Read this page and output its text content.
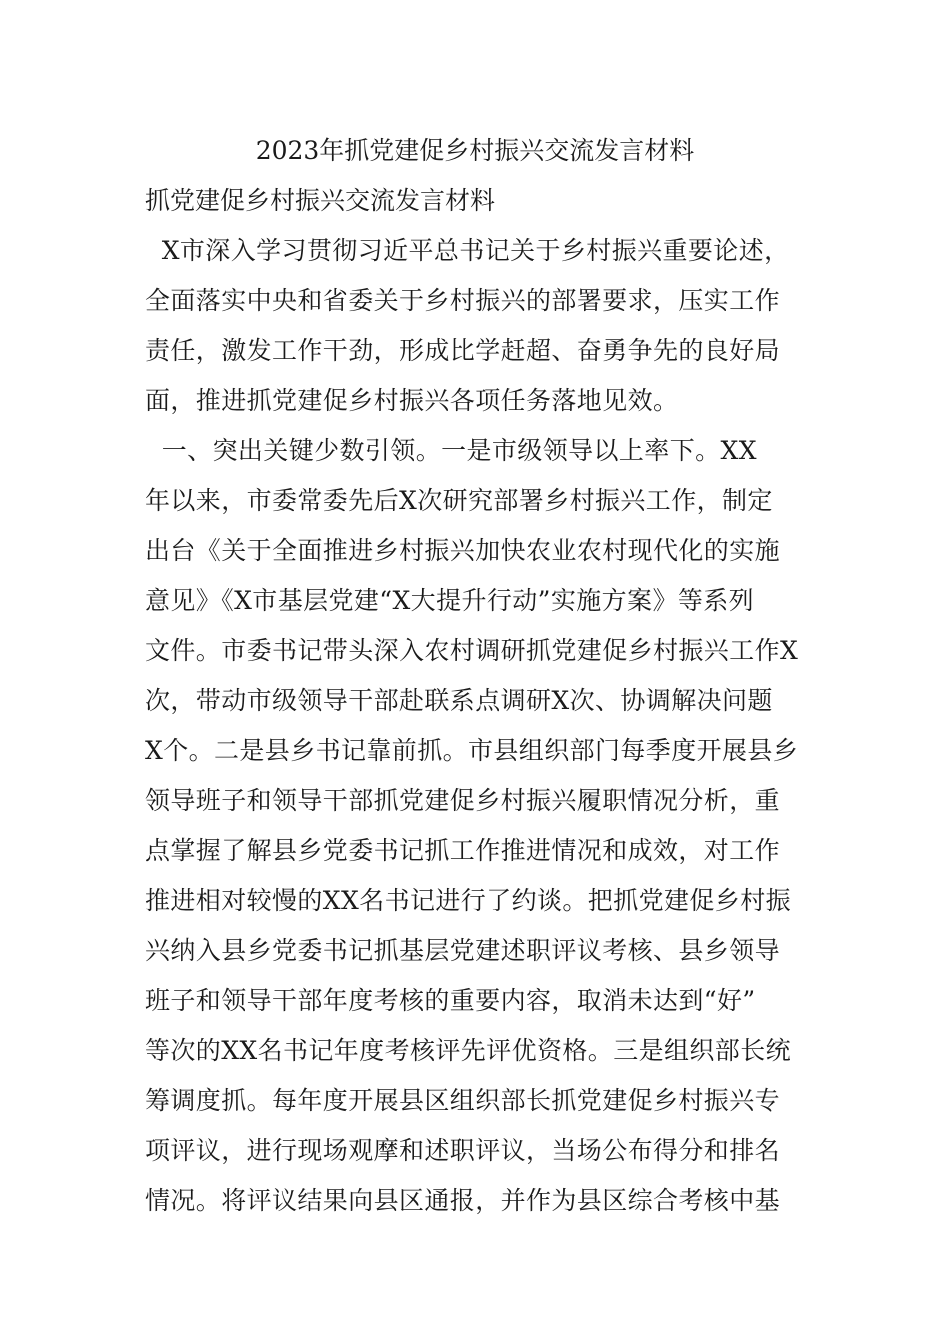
2023年抓党建促乡村振兴交流发言材料
抓党建促乡村振兴交流发言材料
X市深入学习贯彻习近平总书记关于乡村振兴重要论述，
全面落实中央和省委关于乡村振兴的部署要求，压实工作
责任，激发工作干劲，形成比学赶超、奋勇争先的良好局
面，推进抓党建促乡村振兴各项任务落地见效。
一、突出关键少数引领。一是市级领导以上率下。XX
年以来，市委常委先后X次研究部署乡村振兴工作，制定
出台《关于全面推进乡村振兴加快农业农村现代化的实施
意见》《X市基层党建“X大提升行动”实施方案》等系列
文件。市委书记带头深入农村调研抓党建促乡村振兴工作X
次，带动市级领导干部赴联系点调研X次、协调解决问题
X个。二是县乡书记靠前抓。市县组织部门每季度开展县乡
领导班子和领导干部抓党建促乡村振兴履职情况分析，重
点掌握了解县乡党委书记抓工作推进情况和成效，对工作
推进相对较慢的XX名书记进行了约谈。把抓党建促乡村振
兴纳入县乡党委书记抓基层党建述职评议考核、县乡领导
班子和领导干部年度考核的重要内容，取消未达到“好”
等次的XX名书记年度考核评先评优资格。三是组织部长统
筹调度抓。每年度开展县区组织部长抓党建促乡村振兴专
项评议，进行现场观摩和述职评议，当场公布得分和排名
情况。将评议结果向县区通报，并作为县区综合考核中基
